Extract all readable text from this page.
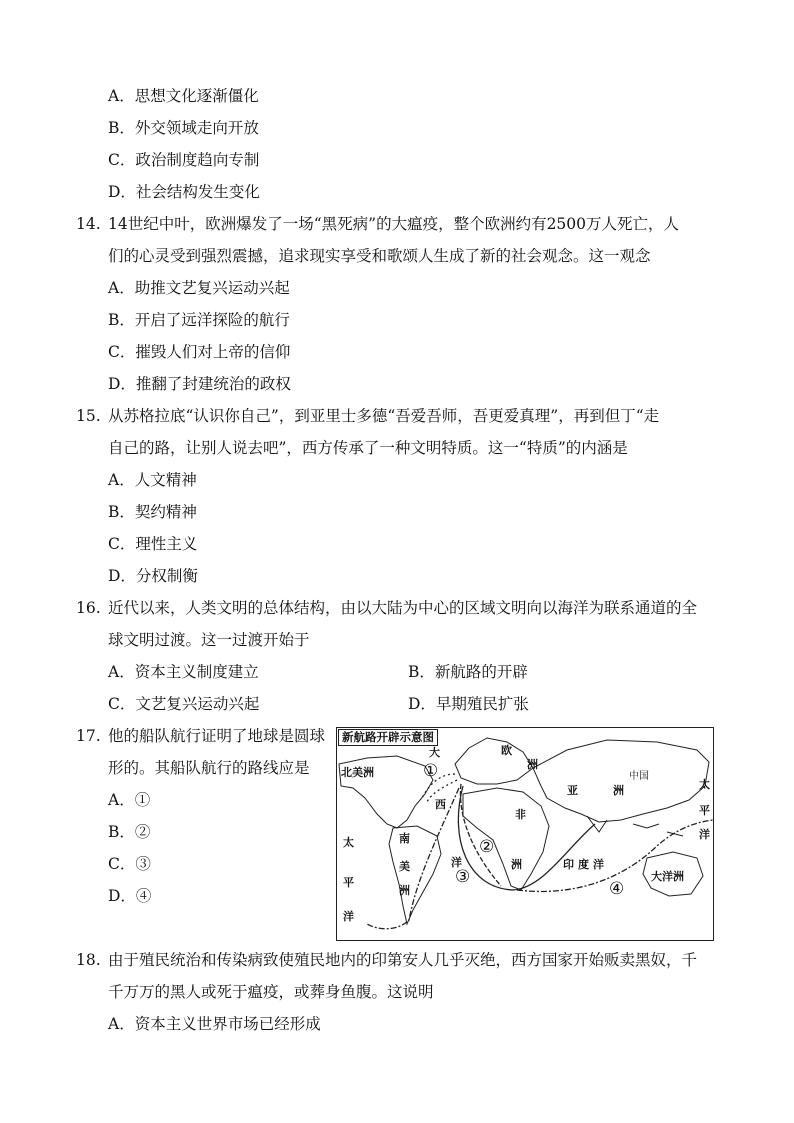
A．思想文化逐渐僵化
B．外交领域走向开放
C．政治制度趋向专制
D．社会结构发生变化
14. 14世纪中叶，欧洲爆发了一场“黑死病”的大瘟疫，整个欧洲约有2500万人死亡，人
们的心灵受到强烈震撼，追求现实享受和歌颂人生成了新的社会观念。这一观念
A．助推文艺复兴运动兴起
B．开启了远洋探险的航行
C．摧毁人们对上帝的信仰
D．推翻了封建统治的政权
15. 从苏格拉底“认识你自己”，到亚里士多德“吾爱吾师，吾更爱真理”，再到但丁“走
自己的路，让别人说去吧”，西方传承了一种文明特质。这一“特质”的内涵是
A．人文精神
B．契约精神
C．理性主义
D．分权制衡
16. 近代以来，人类文明的总体结构，由以大陆为中心的区域文明向以海洋为联系通道的全
球文明过渡。这一过渡开始于
A．资本主义制度建立	B．新航路的开辟
C．文艺复兴运动兴起	D．早期殖民扩张
17. 他的船队航行证明了地球是圆球
形的。其船队航行的路线应是
A．①
B．②
C．③
D．④
新航路开辟示意图
大
西
洋
北美洲
欧
洲
非
洲
亚	洲
中国
南
美
洲
太
平
洋
太
平
洋
印度洋
大洋洲
①
②
③
④
18. 由于殖民统治和传染病致使殖民地内的印第安人几乎灭绝，西方国家开始贩卖黑奴，千
千万万的黑人或死于瘟疫，或葬身鱼腹。这说明
A．资本主义世界市场已经形成
